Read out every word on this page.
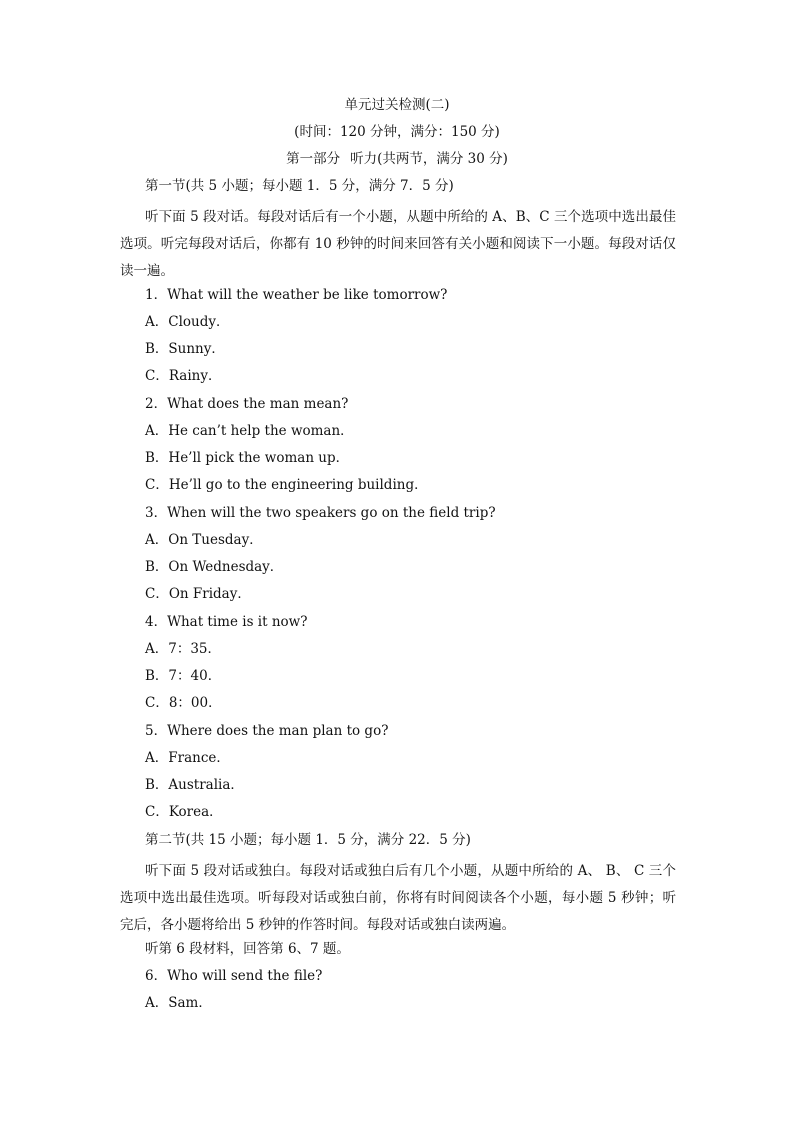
单元过关检测(二)
(时间：120 分钟，满分：150 分)
第一部分 听力(共两节，满分 30 分)
第一节(共 5 小题；每小题 1．5 分，满分 7．5 分)
听下面 5 段对话。每段对话后有一个小题，从题中所给的 A、B、C 三个选项中选出最佳选项。听完每段对话后，你都有 10 秒钟的时间来回答有关小题和阅读下一小题。每段对话仅读一遍。
1．What will the weather be like tomorrow?
A．Cloudy．
B．Sunny．
C．Rainy．
2．What does the man mean?
A．He can’t help the woman．
B．He’ll pick the woman up．
C．He’ll go to the engineering building．
3．When will the two speakers go on the field trip?
A．On Tuesday．
B．On Wednesday．
C．On Friday．
4．What time is it now?
A．7：35．
B．7：40．
C．8：00．
5．Where does the man plan to go?
A．France．
B．Australia．
C．Korea．
第二节(共 15 小题；每小题 1．5 分，满分 22．5 分)
听下面 5 段对话或独白。每段对话或独白后有几个小题，从题中所给的 A、 B、 C 三个选项中选出最佳选项。听每段对话或独白前，你将有时间阅读各个小题，每小题 5 秒钟；听完后，各小题将给出 5 秒钟的作答时间。每段对话或独白读两遍。
听第 6 段材料，回答第 6、7 题。
6．Who will send the file?
A．Sam．
